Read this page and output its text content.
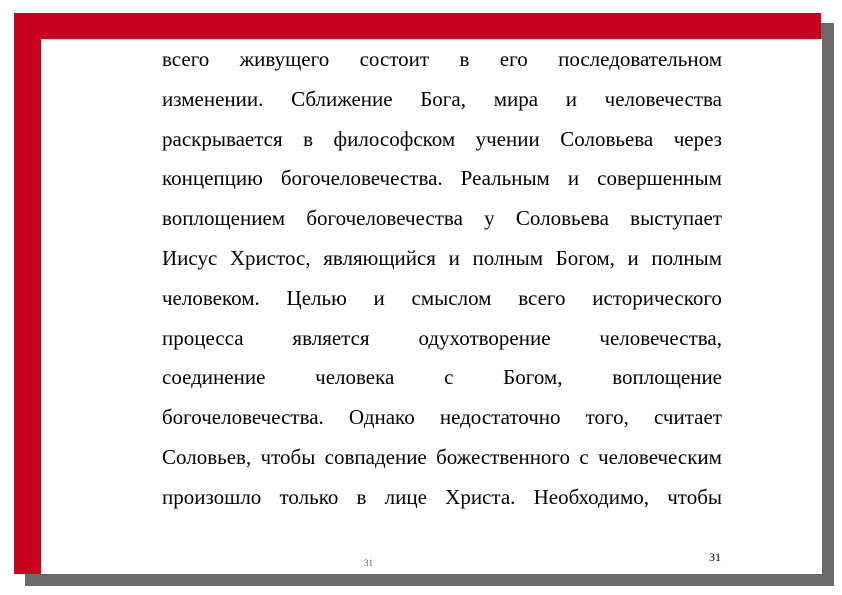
всего живущего состоит в его последовательном
изменении. Сближение Бога, мира и человечества
раскрывается в философском учении Соловьева через
концепцию богочеловечества. Реальным и совершенным
воплощением богочеловечества у Соловьева выступает
Иисус Христос, являющийся и полным Богом, и полным
человеком. Целью и смыслом всего исторического
процесса является одухотворение человечества,
соединение человека с Богом, воплощение
богочеловечества. Однако недостаточно того, считает
Соловьев, чтобы совпадение божественного с человеческим
произошло только в лице Христа. Необходимо, чтобы
31	31
